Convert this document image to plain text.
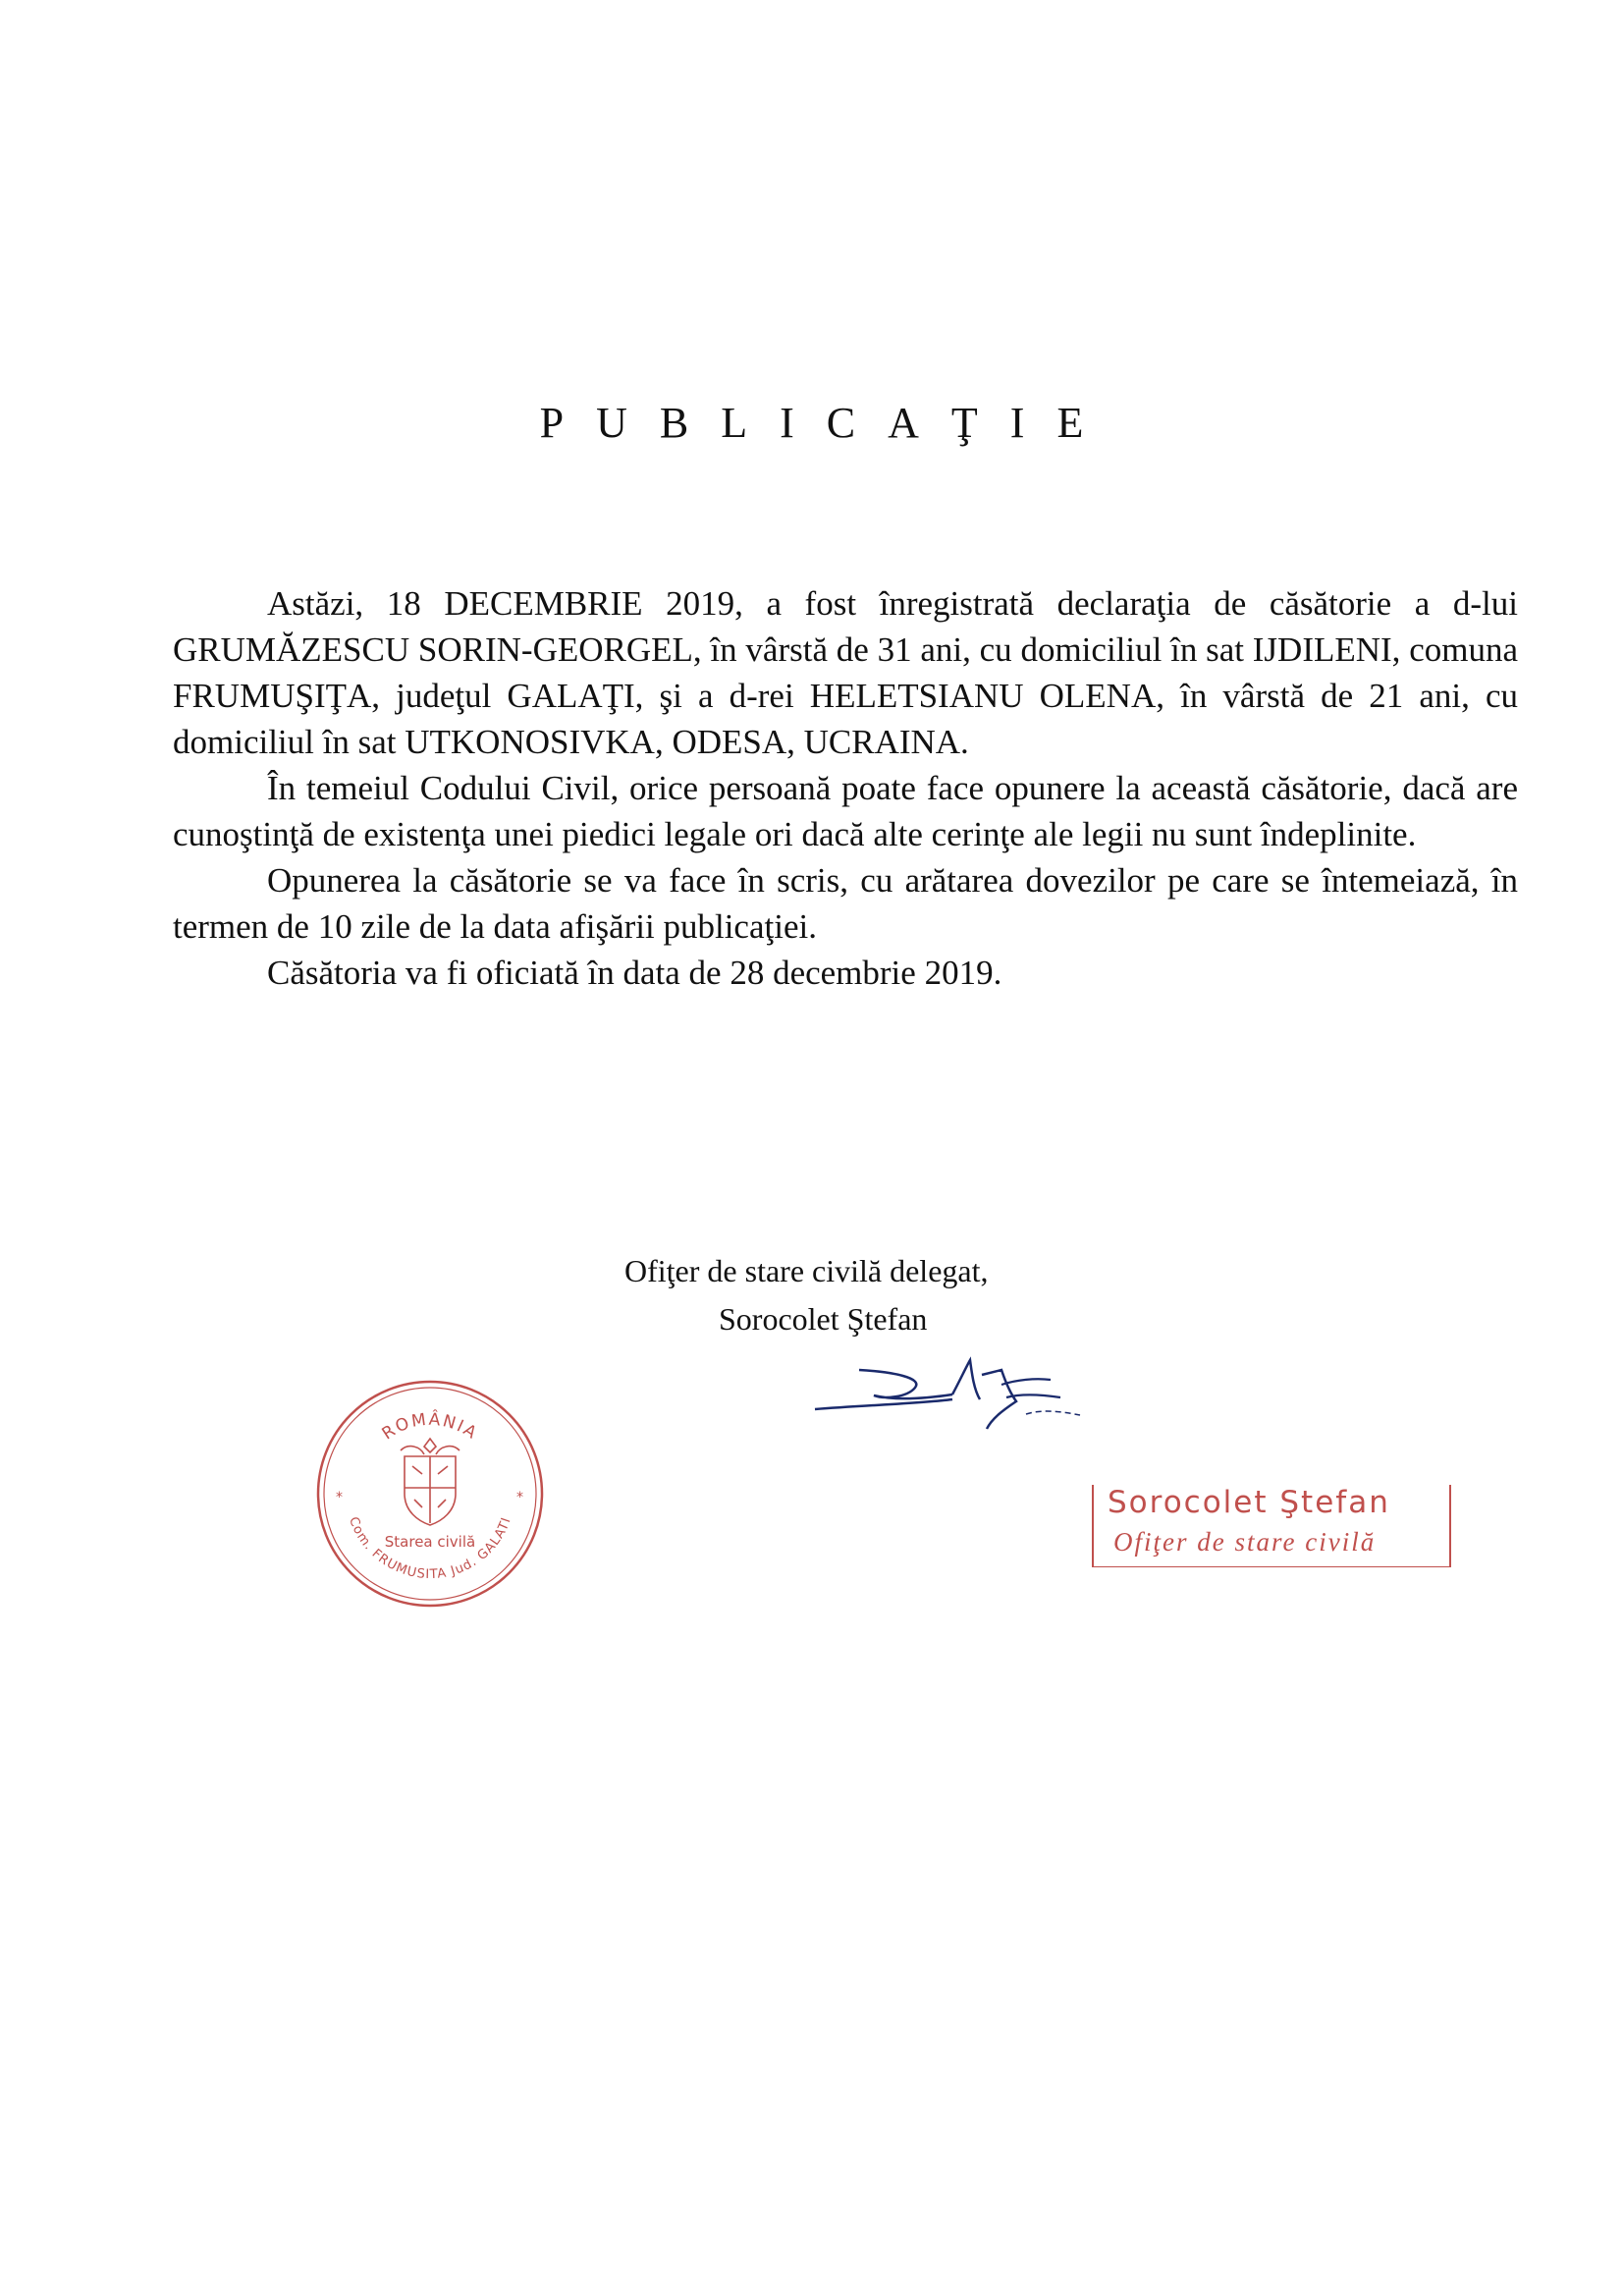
PUBLICAŢIE

Astăzi, 18 DECEMBRIE 2019, a fost înregistrată declaraţia de căsătorie a d-lui GRUMĂZESCU SORIN-GEORGEL, în vârstă de 31 ani, cu domiciliul în sat IJDILENI, comuna FRUMUŞIŢA, judeţul GALAŢI, şi a d-rei HELETSIANU OLENA, în vârstă de 21 ani, cu domiciliul în sat UTKONOSIVKA, ODESA, UCRAINA.

În temeiul Codului Civil, orice persoană poate face opunere la această căsătorie, dacă are cunoştinţă de existenţa unei piedici legale ori dacă alte cerinţe ale legii nu sunt îndeplinite.

Opunerea la căsătorie se va face în scris, cu arătarea dovezilor pe care se întemeiază, în termen de 10 zile de la data afişării publicaţiei.

Căsătoria va fi oficiată în data de 28 decembrie 2019.

Ofiţer de stare civilă delegat,
Sorocolet Ştefan
ROMÂNIA
Com. FRUMUSITA Jud. GALATI
*	*
Starea civilă
Sorocolet Ştefan
Ofiţer de stare civilă
